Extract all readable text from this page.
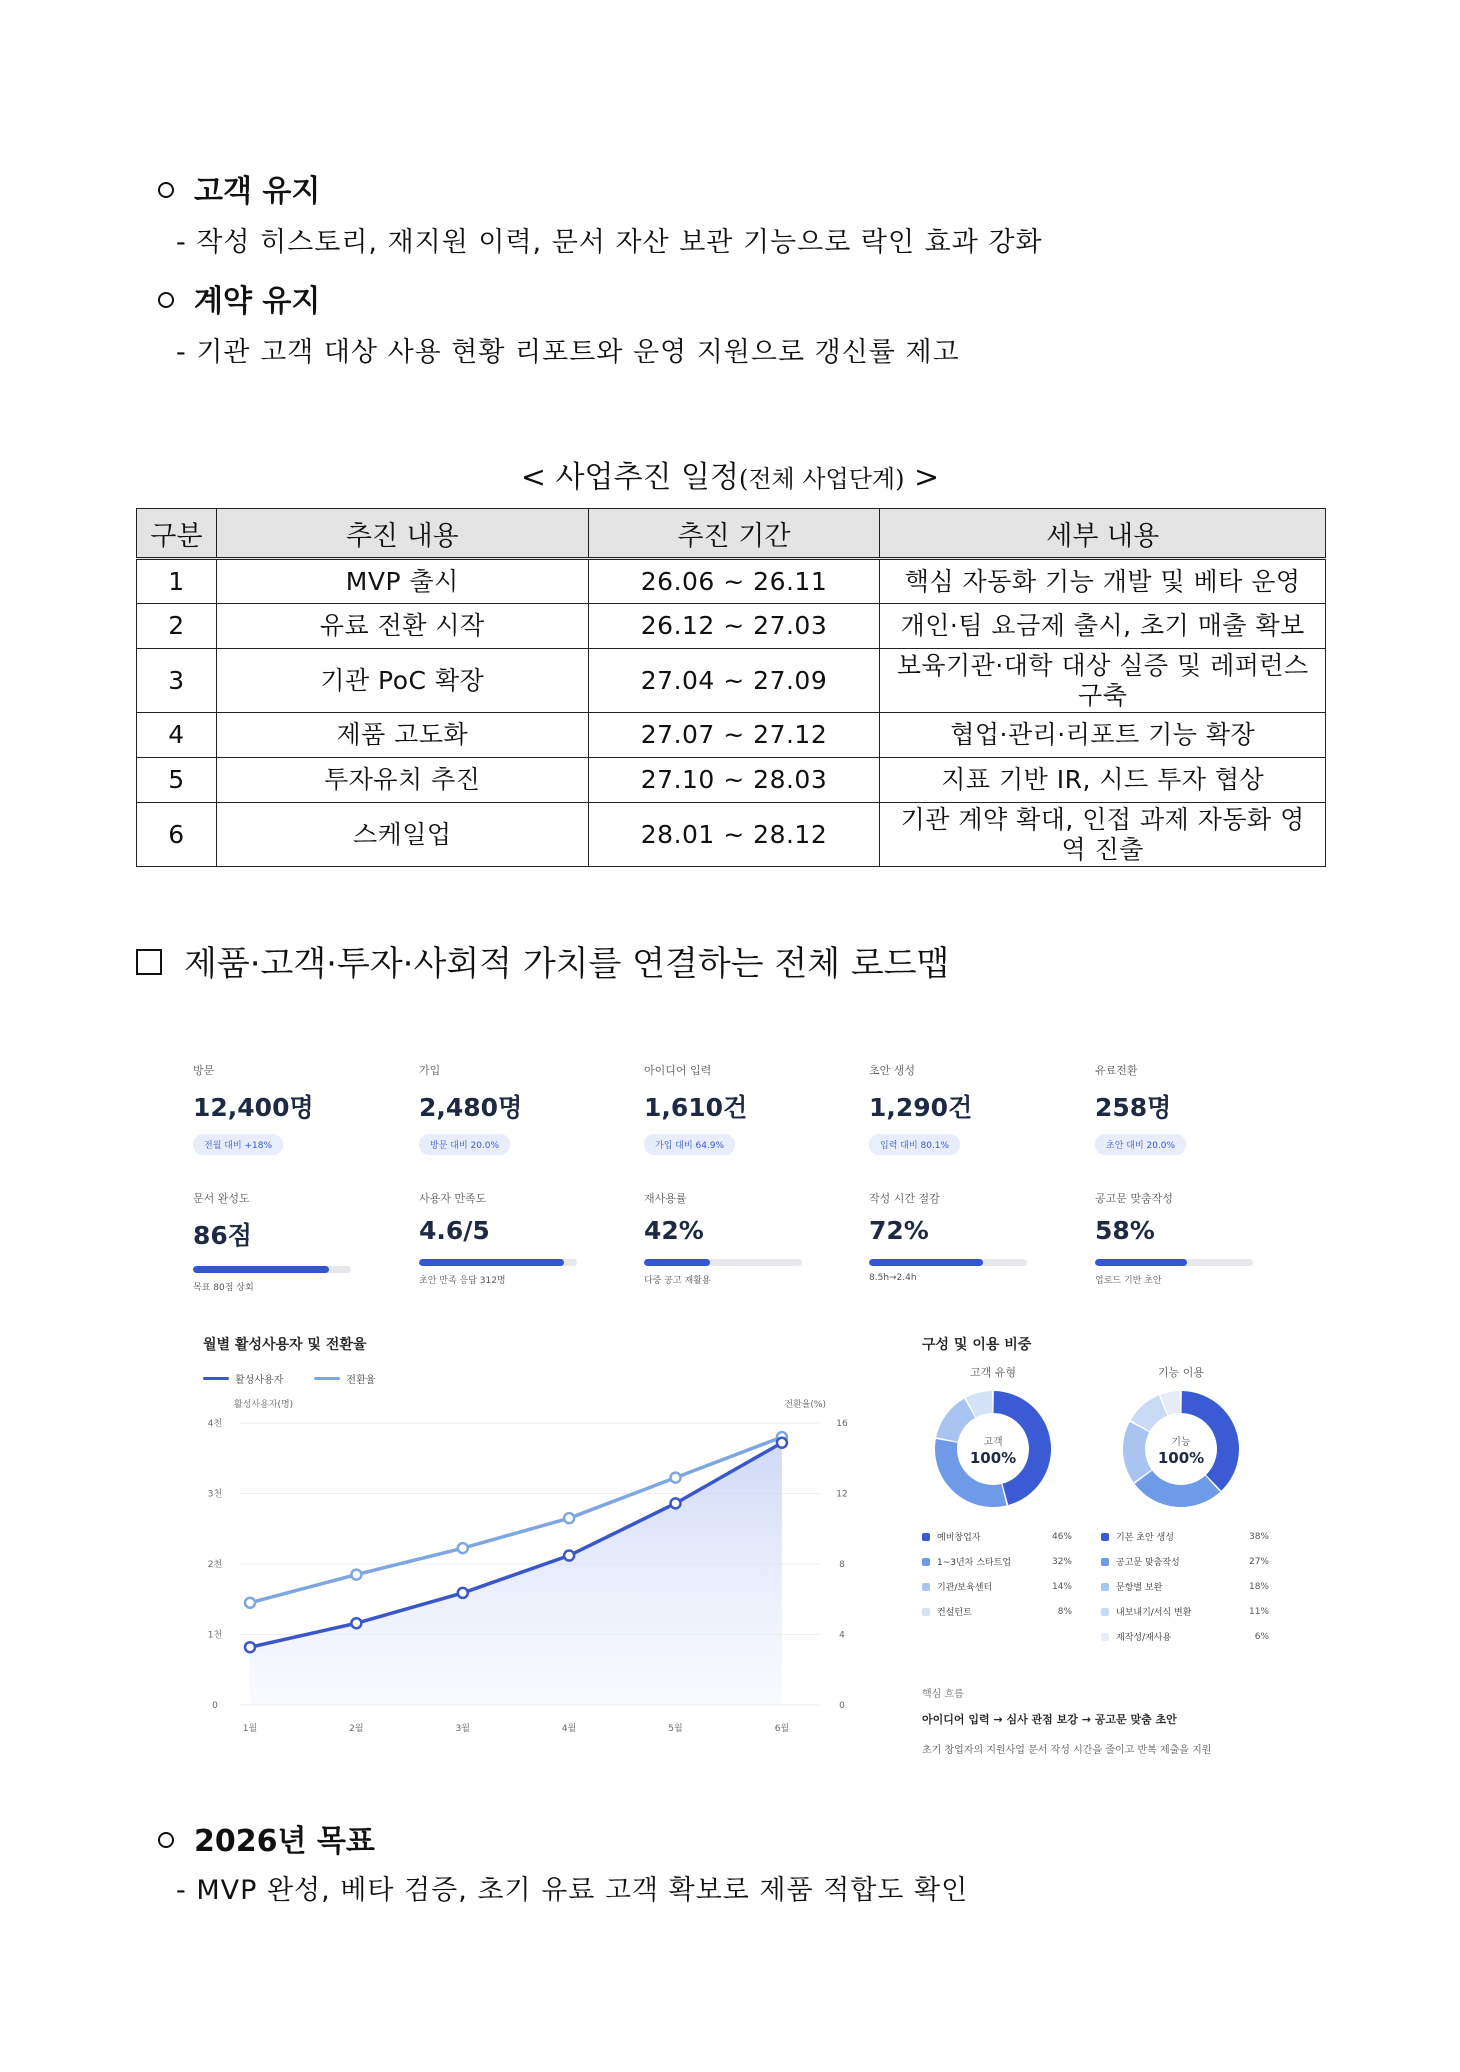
고객 유지
- 작성 히스토리, 재지원 이력, 문서 자산 보관 기능으로 락인 효과 강화
계약 유지
- 기관 고객 대상 사용 현황 리포트와 운영 지원으로 갱신률 제고
< 사업추진 일정(전체 사업단계) >
구분	추진 내용	추진 기간	세부 내용
1	MVP 출시	26.06 ~ 26.11	핵심 자동화 기능 개발 및 베타 운영
2	유료 전환 시작	26.12 ~ 27.03	개인·팀 요금제 출시, 초기 매출 확보
3	기관 PoC 확장	27.04 ~ 27.09	보육기관·대학 대상 실증 및 레퍼런스 구축
4	제품 고도화	27.07 ~ 27.12	협업·관리·리포트 기능 확장
5	투자유치 추진	27.10 ~ 28.03	지표 기반 IR, 시드 투자 협상
6	스케일업	28.01 ~ 28.12	기관 계약 확대, 인접 과제 자동화 영역 진출
제품·고객·투자·사회적 가치를 연결하는 전체 로드맵
방문
12,400명
전월 대비 +18%
가입
2,480명
방문 대비 20.0%
아이디어 입력
1,610건
가입 대비 64.9%
초안 생성
1,290건
입력 대비 80.1%
유료전환
258명
초안 대비 20.0%
문서 완성도
86점
목표 80점 상회
사용자 만족도
4.6/5
초안 만족 응답 312명
재사용률
42%
다중 공고 재활용
작성 시간 절감
72%
8.5h→2.4h
공고문 맞춤작성
58%
업로드 기반 초안
월별 활성사용자 및 전환율
활성사용자
	전환율
활성사용자(명)	전환율(%)
0	0
1천	4
2천	8
3천	12
4천	16
1월	2월	3월	4월	5월	6월
구성 및 이용 비중
고객 유형	기능 이용
고객
100%
기능
100%
예비창업자	46%
1~3년차 스타트업	32%
기관/보육센터	14%
컨설턴트	8%
기본 초안 생성	38%
공고문 맞춤작성	27%
문항별 보완	18%
내보내기/서식 변환	11%
재작성/재사용	6%
핵심 흐름
아이디어 입력 → 심사 관점 보강 → 공고문 맞춤 초안
초기 창업자의 지원사업 문서 작성 시간을 줄이고 반복 제출을 지원
2026년 목표
- MVP 완성, 베타 검증, 초기 유료 고객 확보로 제품 적합도 확인
